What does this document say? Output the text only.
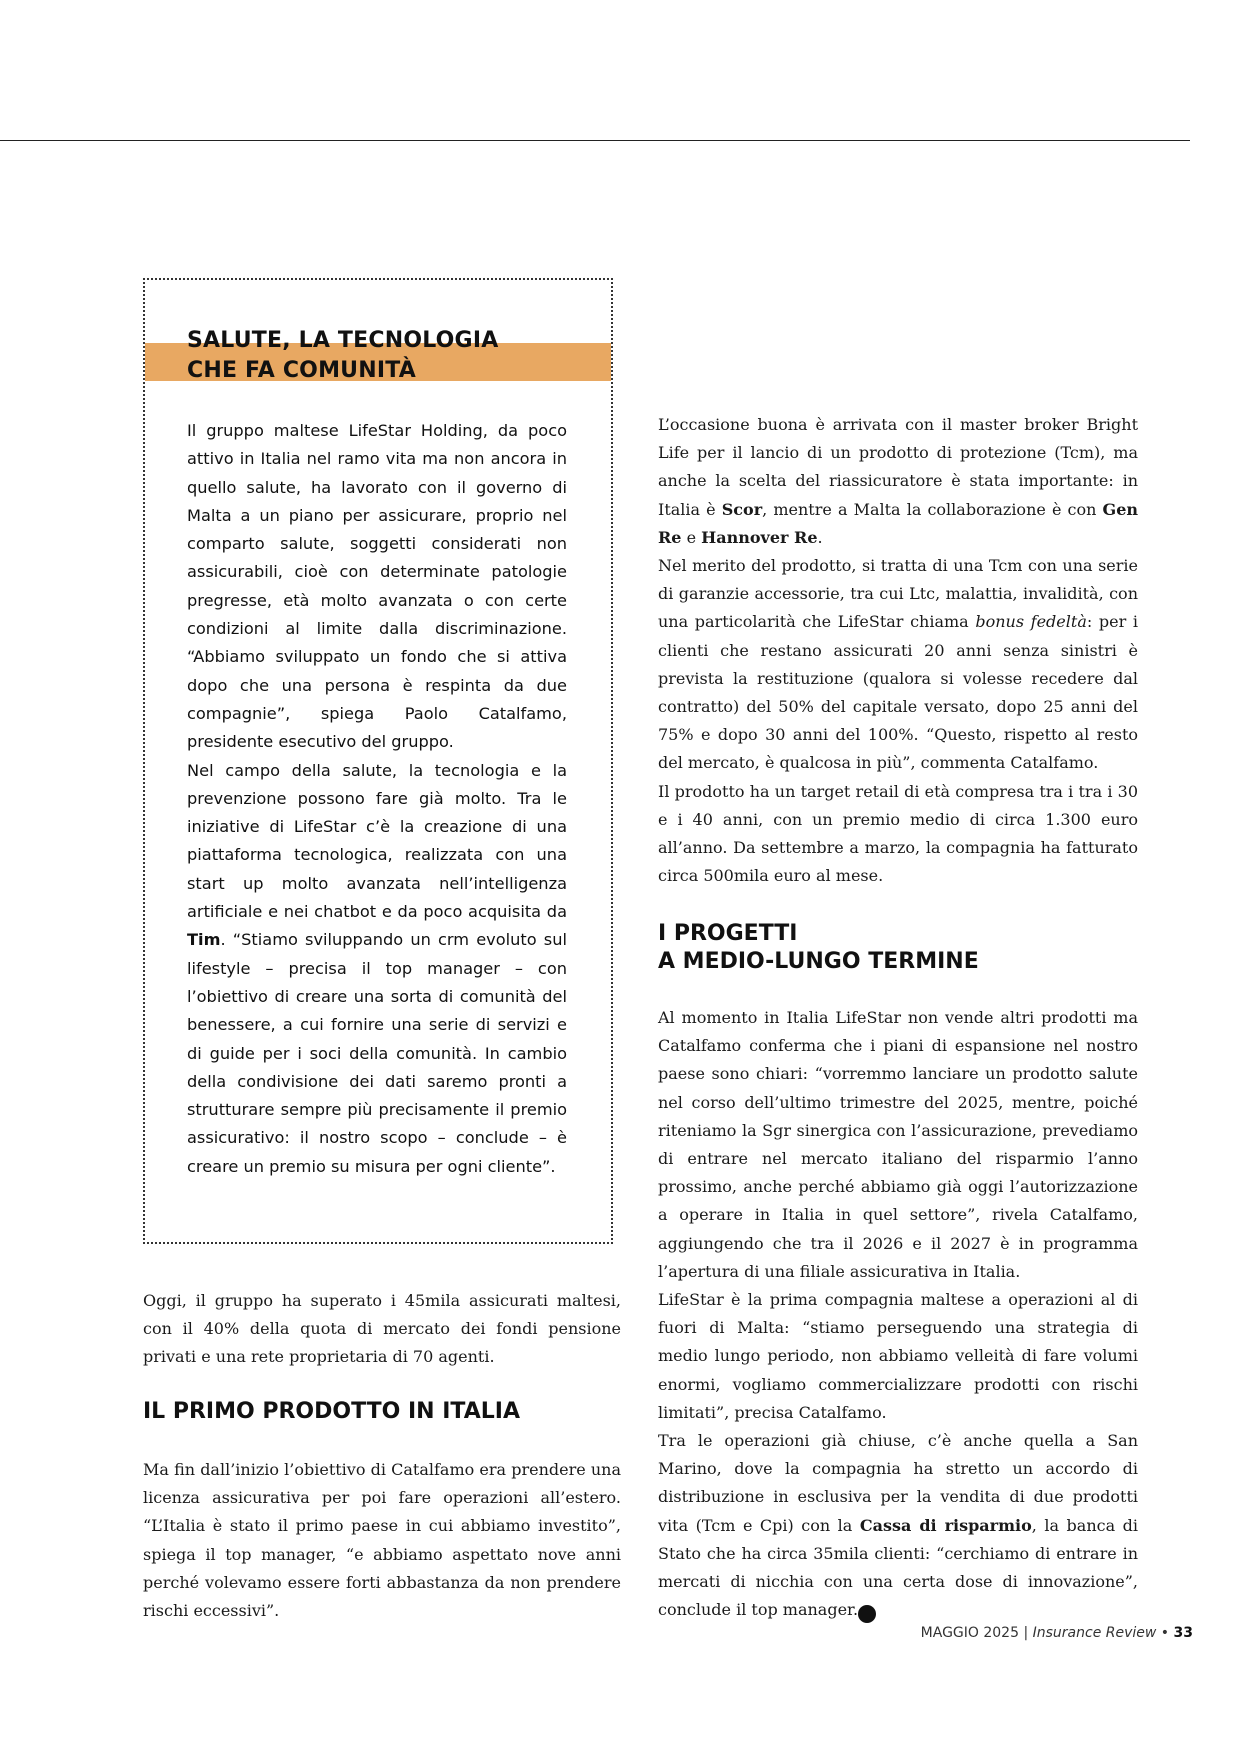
SALUTE, LA TECNOLOGIA
CHE FA COMUNITÀ

Il gruppo maltese LifeStar Holding, da poco attivo in Italia nel ramo vita ma non ancora in quello salute, ha lavorato con il governo di Malta a un piano per assicurare, proprio nel comparto salute, soggetti considerati non assicurabili, cioè con determinate patologie pregresse, età molto avanzata o con certe condizioni al limite dalla discriminazione. “Abbiamo sviluppato un fondo che si attiva dopo che una persona è respinta da due compagnie”, spiega Paolo Catalfamo, presidente esecutivo del gruppo.

Nel campo della salute, la tecnologia e la prevenzione possono fare già molto. Tra le iniziative di LifeStar c’è la creazione di una piattaforma tecnologica, realizzata con una start up molto avanzata nell’intelligenza artificiale e nei chatbot e da poco acquisita da Tim. “Stiamo sviluppando un crm evoluto sul lifestyle – precisa il top manager – con l’obiettivo di creare una sorta di comunità del benessere, a cui fornire una serie di servizi e di guide per i soci della comunità. In cambio della condivisione dei dati saremo pronti a strutturare sempre più precisamente il premio assicurativo: il nostro scopo – conclude – è creare un premio su misura per ogni cliente”.

Oggi, il gruppo ha superato i 45mila assicurati maltesi, con il 40% della quota di mercato dei fondi pensione privati e una rete proprietaria di 70 agenti.

IL PRIMO PRODOTTO IN ITALIA

Ma fin dall’inizio l’obiettivo di Catalfamo era prendere una licenza assicurativa per poi fare operazioni all’estero. “L’Italia è stato il primo paese in cui abbiamo investito”, spiega il top manager, “e abbiamo aspettato nove anni perché volevamo essere forti abbastanza da non prendere rischi eccessivi”.

L’occasione buona è arrivata con il master broker Bright Life per il lancio di un prodotto di protezione (Tcm), ma anche la scelta del riassicuratore è stata importante: in Italia è Scor, mentre a Malta la collaborazione è con Gen Re e Hannover Re.

Nel merito del prodotto, si tratta di una Tcm con una serie di garanzie accessorie, tra cui Ltc, malattia, invalidità, con una particolarità che LifeStar chiama bonus fedeltà: per i clienti che restano assicurati 20 anni senza sinistri è prevista la restituzione (qualora si volesse recedere dal contratto) del 50% del capitale versato, dopo 25 anni del 75% e dopo 30 anni del 100%. “Questo, rispetto al resto del mercato, è qualcosa in più”, commenta Catalfamo.

Il prodotto ha un target retail di età compresa tra i tra i 30 e i 40 anni, con un premio medio di circa 1.300 euro all’anno. Da settembre a marzo, la compagnia ha fatturato circa 500mila euro al mese.

I PROGETTI
A MEDIO-LUNGO TERMINE

Al momento in Italia LifeStar non vende altri prodotti ma Catalfamo conferma che i piani di espansione nel nostro paese sono chiari: “vorremmo lanciare un prodotto salute nel corso dell’ultimo trimestre del 2025, mentre, poiché riteniamo la Sgr sinergica con l’assicurazione, prevediamo di entrare nel mercato italiano del risparmio l’anno prossimo, anche perché abbiamo già oggi l’autorizzazione a operare in Italia in quel settore”, rivela Catalfamo, aggiungendo che tra il 2026 e il 2027 è in programma l’apertura di una filiale assicurativa in Italia.

LifeStar è la prima compagnia maltese a operazioni al di fuori di Malta: “stiamo perseguendo una strategia di medio lungo periodo, non abbiamo velleità di fare volumi enormi, vogliamo commercializzare prodotti con rischi limitati”, precisa Catalfamo.

Tra le operazioni già chiuse, c’è anche quella a San Marino, dove la compagnia ha stretto un accordo di distribuzione in esclusiva per la vendita di due prodotti vita (Tcm e Cpi) con la Cassa di risparmio, la banca di Stato che ha circa 35mila clienti: “cerchiamo di entrare in mercati di nicchia con una certa dose di innovazione”, conclude il top manager.

MAGGIO 2025 | Insurance Review • 33
